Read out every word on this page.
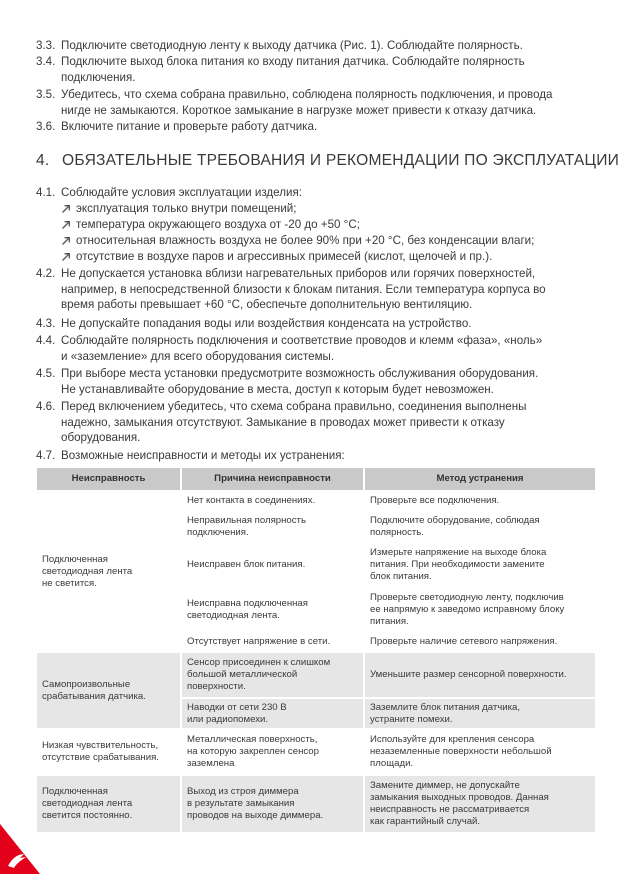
3.3. Подключите светодиодную ленту к выходу датчика (Рис. 1). Соблюдайте полярность.
3.4. Подключите выход блока питания ко входу питания датчика. Соблюдайте полярность
подключения.
3.5. Убедитесь, что схема собрана правильно, соблюдена полярность подключения, и провода
нигде не замыкаются. Короткое замыкание в нагрузке может привести к отказу датчика.
3.6. Включите питание и проверьте работу датчика.
4. ОБЯЗАТЕЛЬНЫЕ ТРЕБОВАНИЯ И РЕКОМЕНДАЦИИ ПО ЭКСПЛУАТАЦИИ
4.1. Соблюдайте условия эксплуатации изделия:
эксплуатация только внутри помещений;
температура окружающего воздуха от -20 до +50 °С;
относительная влажность воздуха не более 90% при +20 °С, без конденсации влаги;
отсутствие в воздухе паров и агрессивных примесей (кислот, щелочей и пр.).
4.2. Не допускается установка вблизи нагревательных приборов или горячих поверхностей,
например, в непосредственной близости к блокам питания. Если температура корпуса во
время работы превышает +60 °С, обеспечьте дополнительную вентиляцию.
4.3. Не допускайте попадания воды или воздействия конденсата на устройство.
4.4. Соблюдайте полярность подключения и соответствие проводов и клемм «фаза», «ноль»
и «заземление» для всего оборудования системы.
4.5. При выборе места установки предусмотрите возможность обслуживания оборудования.
Не устанавливайте оборудование в места, доступ к которым будет невозможен.
4.6. Перед включением убедитесь, что схема собрана правильно, соединения выполнены
надежно, замыкания отсутствуют. Замыкание в проводах может привести к отказу
оборудования.
4.7. Возможные неисправности и методы их устранения:
Неисправность	Причина неисправности	Метод устранения
Подключенная
светодиодная лента
не светится.	Нет контакта в соединениях.	Проверьте все подключения.
	Неправильная полярность
подключения.	Подключите оборудование, соблюдая
полярность.
	Неисправен блок питания.	Измерьте напряжение на выходе блока
питания. При необходимости замените
блок питания.
	Неисправна подключенная
светодиодная лента.	Проверьте светодиодную ленту, подключив
ее напрямую к заведомо исправному блоку
питания.
	Отсутствует напряжение в сети.	Проверьте наличие сетевого напряжения.
Самопроизвольные
срабатывания датчика.	Сенсор присоединен к слишком
большой металлической
поверхности.	Уменьшите размер сенсорной поверхности.
	Наводки от сети 230 В
или радиопомехи.	Заземлите блок питания датчика,
устраните помехи.
Низкая чувствительность,
отсутствие срабатывания.	Металлическая поверхность,
на которую закреплен сенсор
заземлена	Используйте для крепления сенсора
незаземленные поверхности небольшой
площади.
Подключенная
светодиодная лента
светится постоянно.	Выход из строя диммера
в результате замыкания
проводов на выходе диммера.	Замените диммер, не допускайте
замыкания выходных проводов. Данная
неисправность не рассматривается
как гарантийный случай.
